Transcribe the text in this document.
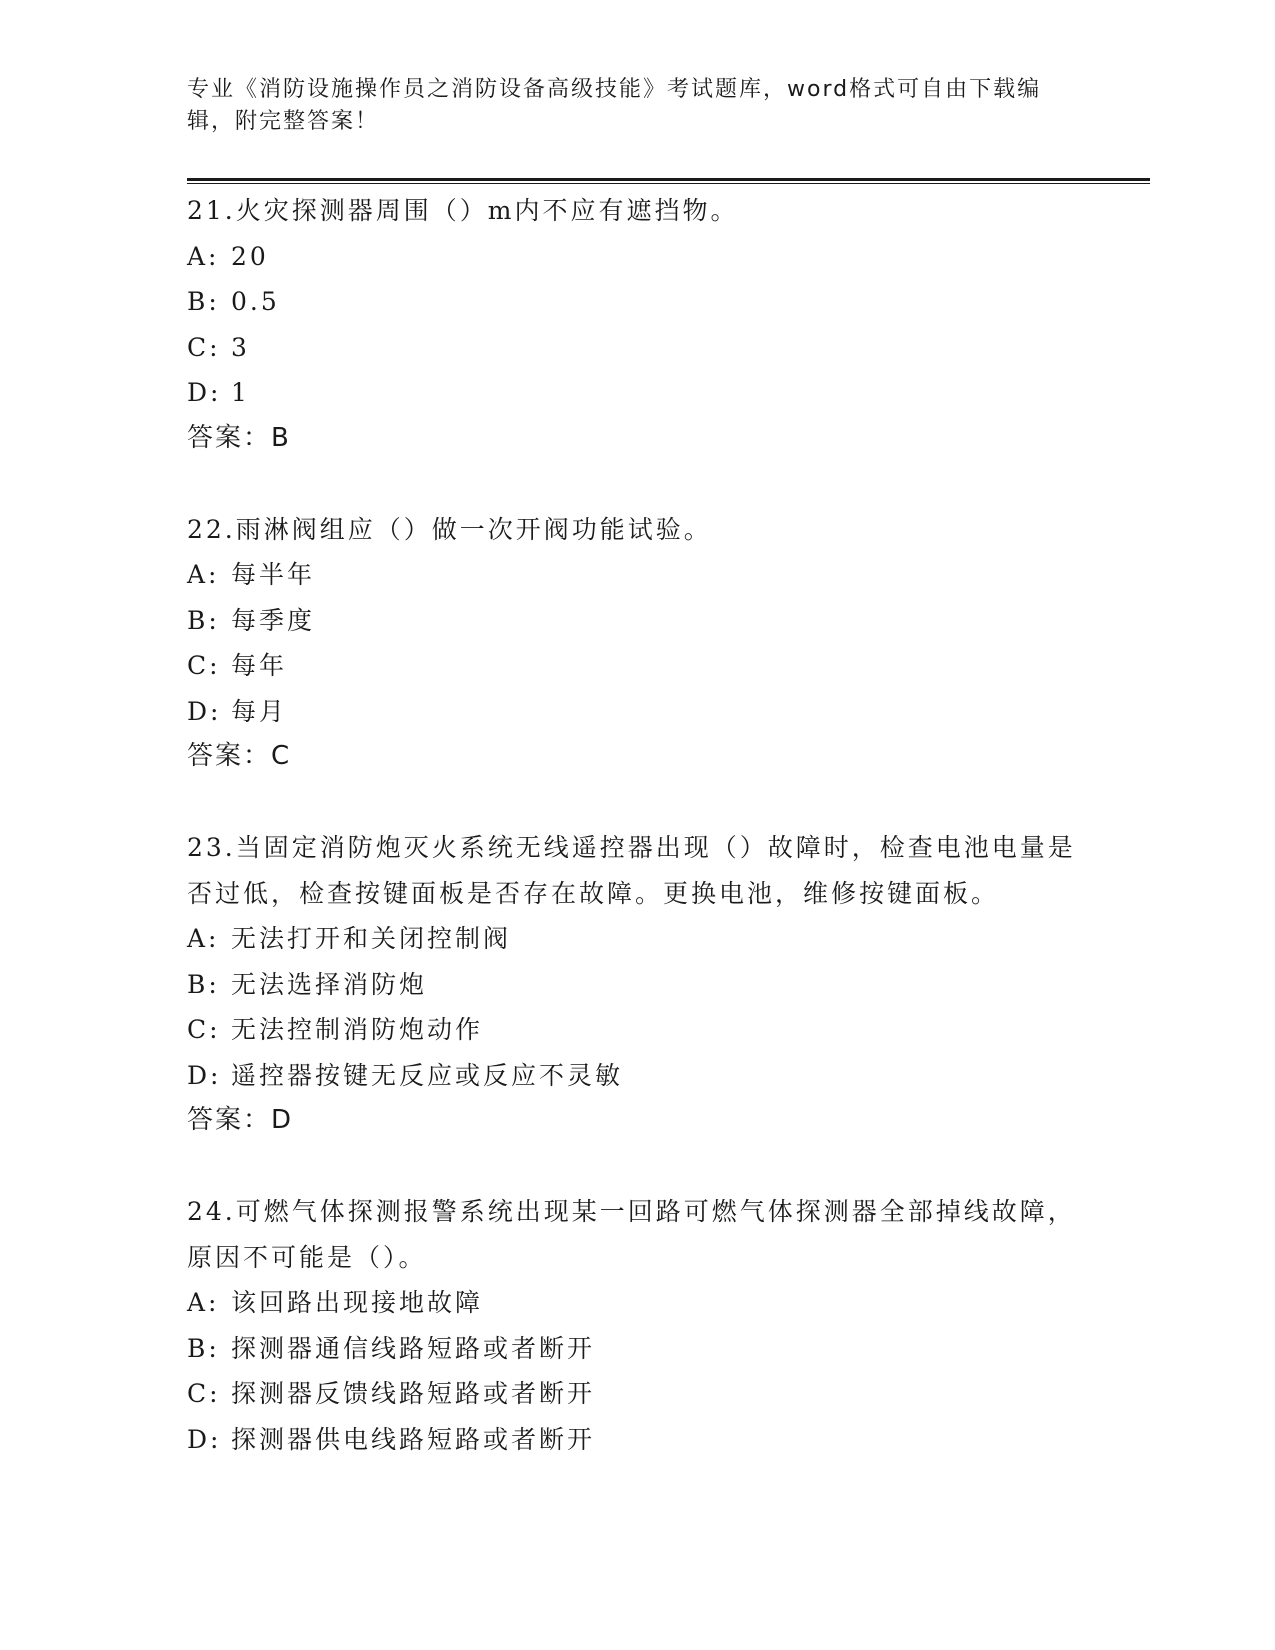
专业《消防设施操作员之消防设备高级技能》考试题库，word格式可自由下载编辑，附完整答案！
21.火灾探测器周围（）m内不应有遮挡物。
A: 20
B: 0.5
C: 3
D: 1
答案：B
22.雨淋阀组应（）做一次开阀功能试验。
A: 每半年
B: 每季度
C: 每年
D: 每月
答案：C
23.当固定消防炮灭火系统无线遥控器出现（）故障时，检查电池电量是否过低，检查按键面板是否存在故障。更换电池，维修按键面板。
A: 无法打开和关闭控制阀
B: 无法选择消防炮
C: 无法控制消防炮动作
D: 遥控器按键无反应或反应不灵敏
答案：D
24.可燃气体探测报警系统出现某一回路可燃气体探测器全部掉线故障，原因不可能是（）。
A: 该回路出现接地故障
B: 探测器通信线路短路或者断开
C: 探测器反馈线路短路或者断开
D: 探测器供电线路短路或者断开
